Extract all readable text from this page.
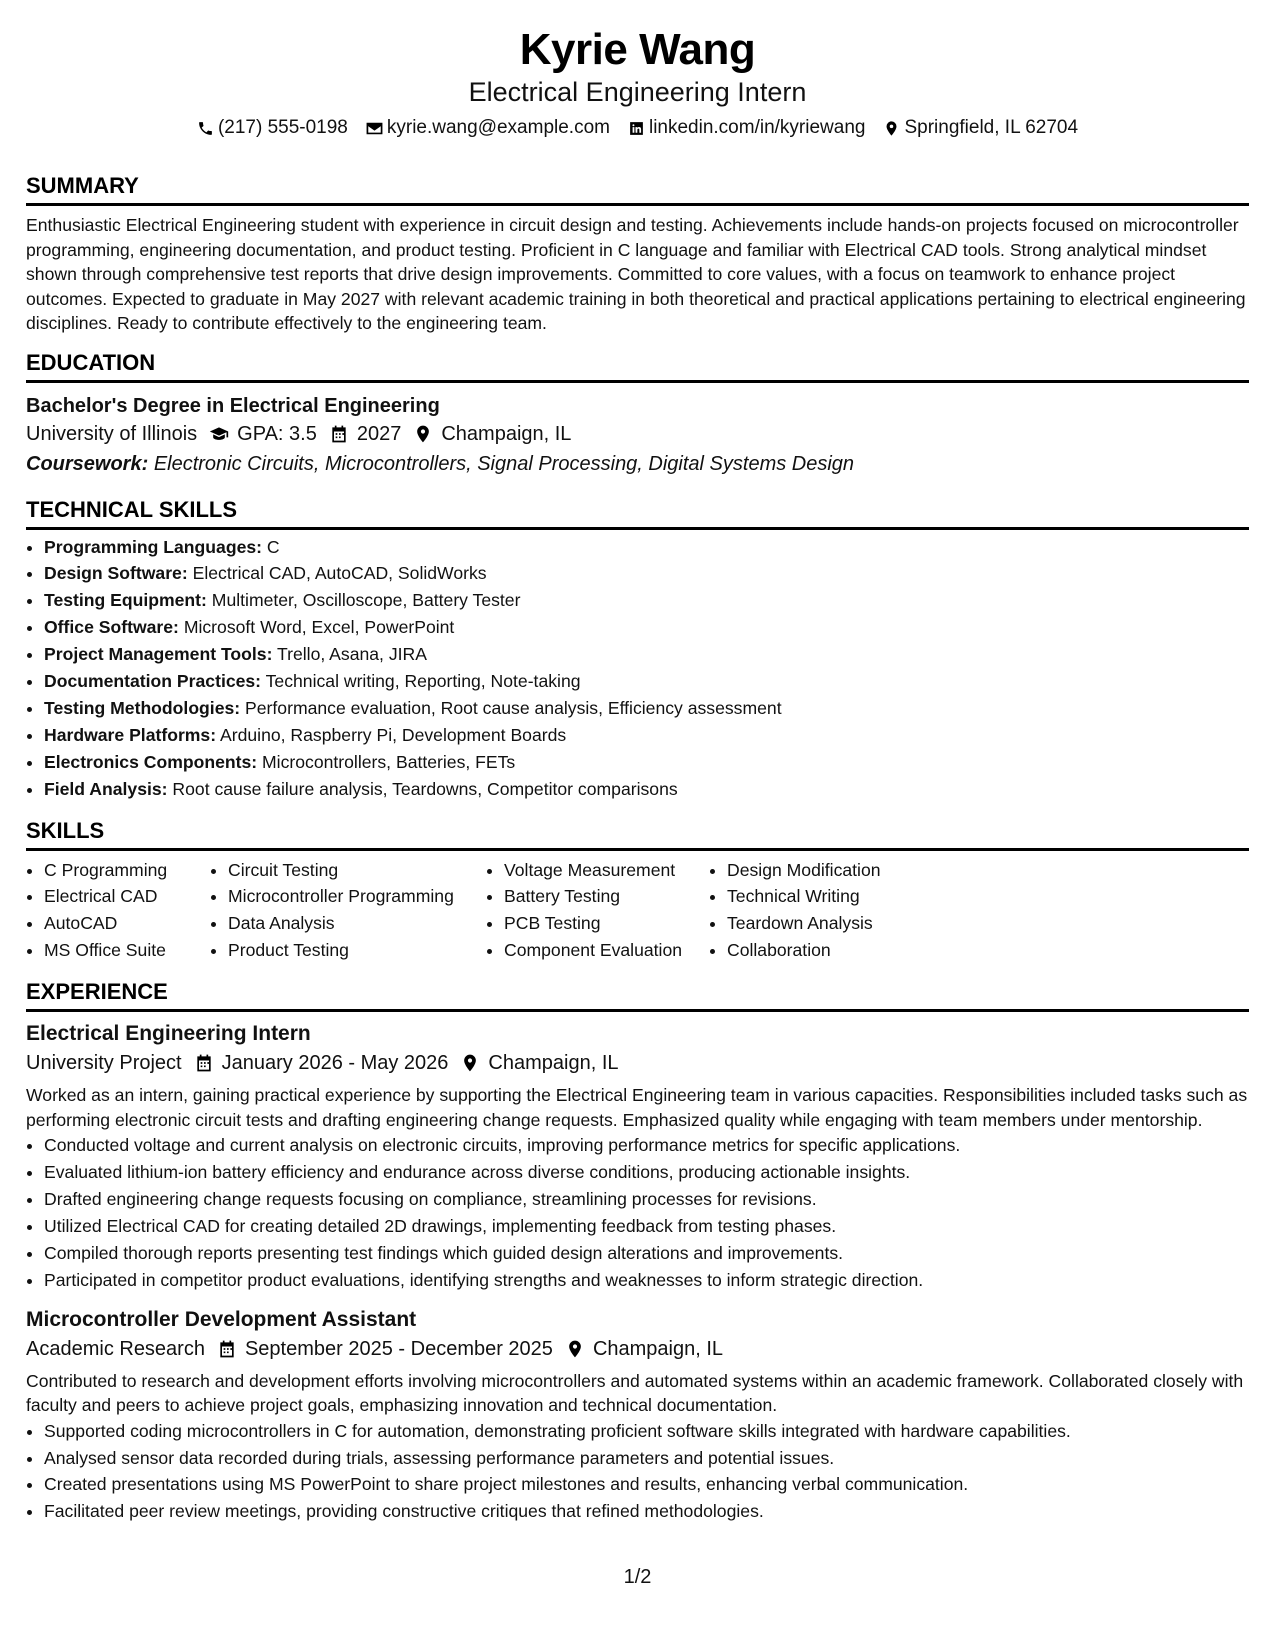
Kyrie Wang
Electrical Engineering Intern
(217) 555-0198 kyrie.wang@example.com linkedin.com/in/kyriewang Springfield, IL 62704
SUMMARY

Enthusiastic Electrical Engineering student with experience in circuit design and testing. Achievements include hands-on projects focused on microcontroller programming, engineering documentation, and product testing. Proficient in C language and familiar with Electrical CAD tools. Strong analytical mindset shown through comprehensive test reports that drive design improvements. Committed to core values, with a focus on teamwork to enhance project outcomes. Expected to graduate in May 2027 with relevant academic training in both theoretical and practical applications pertaining to electrical engineering disciplines. Ready to contribute effectively to the engineering team.

EDUCATION
Bachelor's Degree in Electrical Engineering
University of Illinois GPA: 3.5 2027 Champaign, IL
Coursework: Electronic Circuits, Microcontrollers, Signal Processing, Digital Systems Design
TECHNICAL SKILLS
• Programming Languages: C
• Design Software: Electrical CAD, AutoCAD, SolidWorks
• Testing Equipment: Multimeter, Oscilloscope, Battery Tester
• Office Software: Microsoft Word, Excel, PowerPoint
• Project Management Tools: Trello, Asana, JIRA
• Documentation Practices: Technical writing, Reporting, Note-taking
• Testing Methodologies: Performance evaluation, Root cause analysis, Efficiency assessment
• Hardware Platforms: Arduino, Raspberry Pi, Development Boards
• Electronics Components: Microcontrollers, Batteries, FETs
• Field Analysis: Root cause failure analysis, Teardowns, Competitor comparisons
SKILLS
• C Programming
• Electrical CAD
• AutoCAD
• MS Office Suite
• Circuit Testing
• Microcontroller Programming
• Data Analysis
• Product Testing
• Voltage Measurement
• Battery Testing
• PCB Testing
• Component Evaluation
• Design Modification
• Technical Writing
• Teardown Analysis
• Collaboration
EXPERIENCE
Electrical Engineering Intern
University Project January 2026 - May 2026 Champaign, IL

Worked as an intern, gaining practical experience by supporting the Electrical Engineering team in various capacities. Responsibilities included tasks such as performing electronic circuit tests and drafting engineering change requests. Emphasized quality while engaging with team members under mentorship.

• Conducted voltage and current analysis on electronic circuits, improving performance metrics for specific applications.
• Evaluated lithium-ion battery efficiency and endurance across diverse conditions, producing actionable insights.
• Drafted engineering change requests focusing on compliance, streamlining processes for revisions.
• Utilized Electrical CAD for creating detailed 2D drawings, implementing feedback from testing phases.
• Compiled thorough reports presenting test findings which guided design alterations and improvements.
• Participated in competitor product evaluations, identifying strengths and weaknesses to inform strategic direction.
Microcontroller Development Assistant
Academic Research September 2025 - December 2025 Champaign, IL

Contributed to research and development efforts involving microcontrollers and automated systems within an academic framework. Collaborated closely with faculty and peers to achieve project goals, emphasizing innovation and technical documentation.

• Supported coding microcontrollers in C for automation, demonstrating proficient software skills integrated with hardware capabilities.
• Analysed sensor data recorded during trials, assessing performance parameters and potential issues.
• Created presentations using MS PowerPoint to share project milestones and results, enhancing verbal communication.
• Facilitated peer review meetings, providing constructive critiques that refined methodologies.
1/2
